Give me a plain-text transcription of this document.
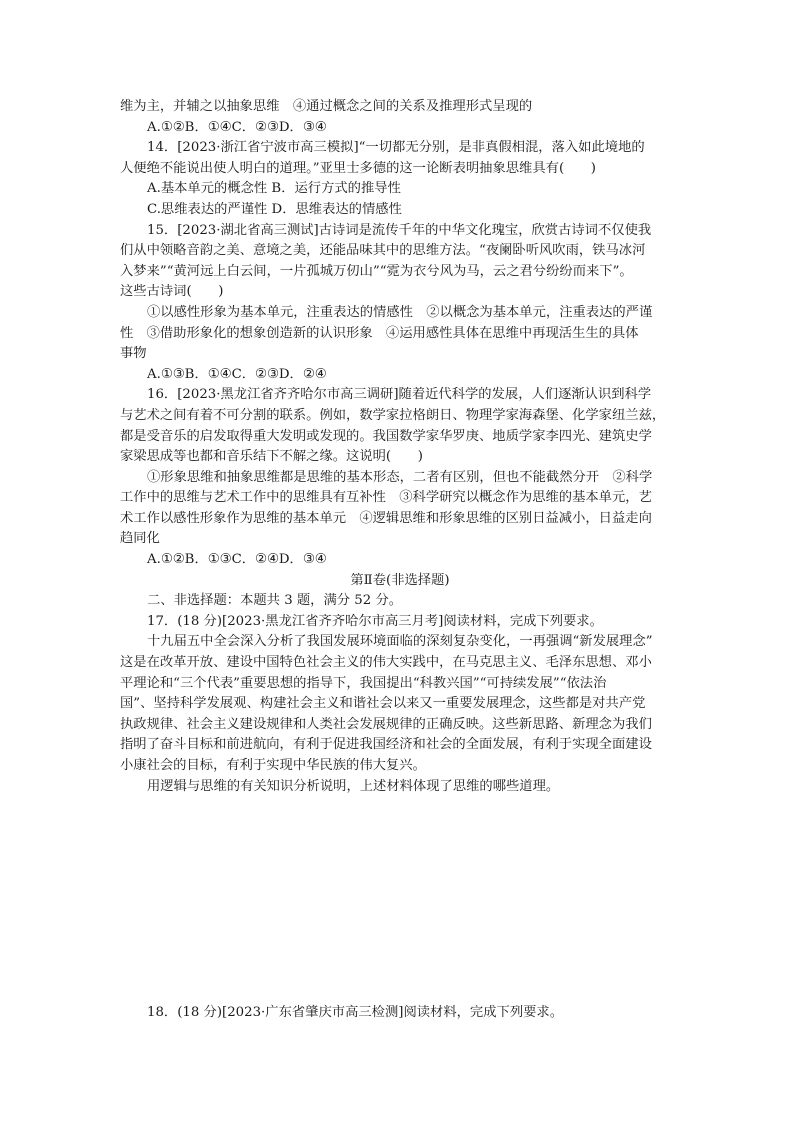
维为主，并辅之以抽象思维　④通过概念之间的关系及推理形式呈现的
A.①②B．①④C．②③D．③④
14．[2023·浙江省宁波市高三模拟]“一切都无分别，是非真假相混，落入如此境地的
人便绝不能说出使人明白的道理。”亚里士多德的这一论断表明抽象思维具有(　　)
A.基本单元的概念性 B．运行方式的推导性
C.思维表达的严谨性 D．思维表达的情感性
15．[2023·湖北省高三测试]古诗词是流传千年的中华文化瑰宝，欣赏古诗词不仅使我
们从中领略音韵之美、意境之美，还能品味其中的思维方法。“夜阑卧听风吹雨，铁马冰河
入梦来”“黄河远上白云间，一片孤城万仞山”“霓为衣兮风为马，云之君兮纷纷而来下”。
这些古诗词(　　)
①以感性形象为基本单元，注重表达的情感性　②以概念为基本单元，注重表达的严谨
性　③借助形象化的想象创造新的认识形象　④运用感性具体在思维中再现活生生的具体
事物
A.①③B．①④C．②③D．②④
16．[2023·黑龙江省齐齐哈尔市高三调研]随着近代科学的发展，人们逐渐认识到科学
与艺术之间有着不可分割的联系。例如，数学家拉格朗日、物理学家海森堡、化学家纽兰兹，
都是受音乐的启发取得重大发明或发现的。我国数学家华罗庚、地质学家李四光、建筑史学
家梁思成等也都和音乐结下不解之缘。这说明(　　)
①形象思维和抽象思维都是思维的基本形态，二者有区别，但也不能截然分开　②科学
工作中的思维与艺术工作中的思维具有互补性　③科学研究以概念作为思维的基本单元，艺
术工作以感性形象作为思维的基本单元　④逻辑思维和形象思维的区别日益减小，日益走向
趋同化
A.①②B．①③C．②④D．③④
第Ⅱ卷(非选择题)
二、非选择题：本题共 3 题，满分 52 分。
17．(18 分)[2023·黑龙江省齐齐哈尔市高三月考]阅读材料，完成下列要求。
十九届五中全会深入分析了我国发展环境面临的深刻复杂变化，一再强调“新发展理念”
这是在改革开放、建设中国特色社会主义的伟大实践中，在马克思主义、毛泽东思想、邓小
平理论和“三个代表”重要思想的指导下，我国提出“科教兴国”“可持续发展”“依法治
国”、坚持科学发展观、构建社会主义和谐社会以来又一重要发展理念，这些都是对共产党
执政规律、社会主义建设规律和人类社会发展规律的正确反映。这些新思路、新理念为我们
指明了奋斗目标和前进航向，有利于促进我国经济和社会的全面发展，有利于实现全面建设
小康社会的目标，有利于实现中华民族的伟大复兴。
用逻辑与思维的有关知识分析说明，上述材料体现了思维的哪些道理。
18．(18 分)[2023·广东省肇庆市高三检测]阅读材料，完成下列要求。
